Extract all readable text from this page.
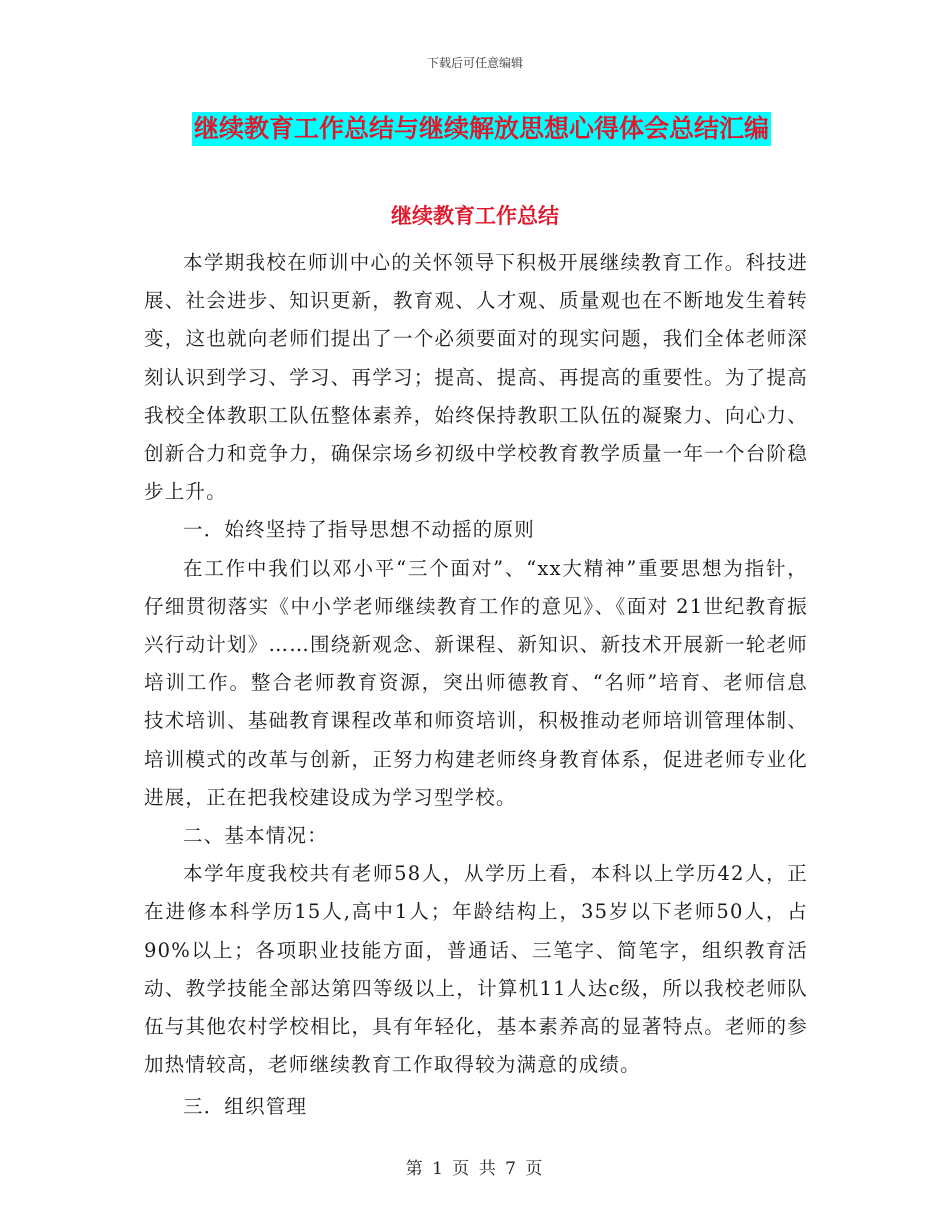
下载后可任意编辑
继续教育工作总结与继续解放思想心得体会总结汇编
继续教育工作总结

本学期我校在师训中心的关怀领导下积极开展继续教育工作。科技进展、社会进步、知识更新，教育观、人才观、质量观也在不断地发生着转变，这也就向老师们提出了一个必须要面对的现实问题，我们全体老师深刻认识到学习、学习、再学习；提高、提高、再提高的重要性。为了提高我校全体教职工队伍整体素养，始终保持教职工队伍的凝聚力、向心力、创新合力和竞争力，确保宗场乡初级中学校教育教学质量一年一个台阶稳步上升。

一．始终坚持了指导思想不动摇的原则

在工作中我们以邓小平“三个面对”、“xx大精神”重要思想为指针，仔细贯彻落实《中小学老师继续教育工作的意见》、《面对 21世纪教育振兴行动计划》……围绕新观念、新课程、新知识、新技术开展新一轮老师培训工作。整合老师教育资源，突出师德教育、“名师”培育、老师信息技术培训、基础教育课程改革和师资培训，积极推动老师培训管理体制、培训模式的改革与创新，正努力构建老师终身教育体系，促进老师专业化进展，正在把我校建设成为学习型学校。

二、基本情况：

本学年度我校共有老师58人，从学历上看，本科以上学历42人，正在进修本科学历15人,高中1人；年龄结构上，35岁以下老师50人，占90%以上；各项职业技能方面，普通话、三笔字、简笔字，组织教育活动、教学技能全部达第四等级以上，计算机11人达c级，所以我校老师队伍与其他农村学校相比，具有年轻化，基本素养高的显著特点。老师的参加热情较高，老师继续教育工作取得较为满意的成绩。

三．组织管理

第 1 页 共 7 页
